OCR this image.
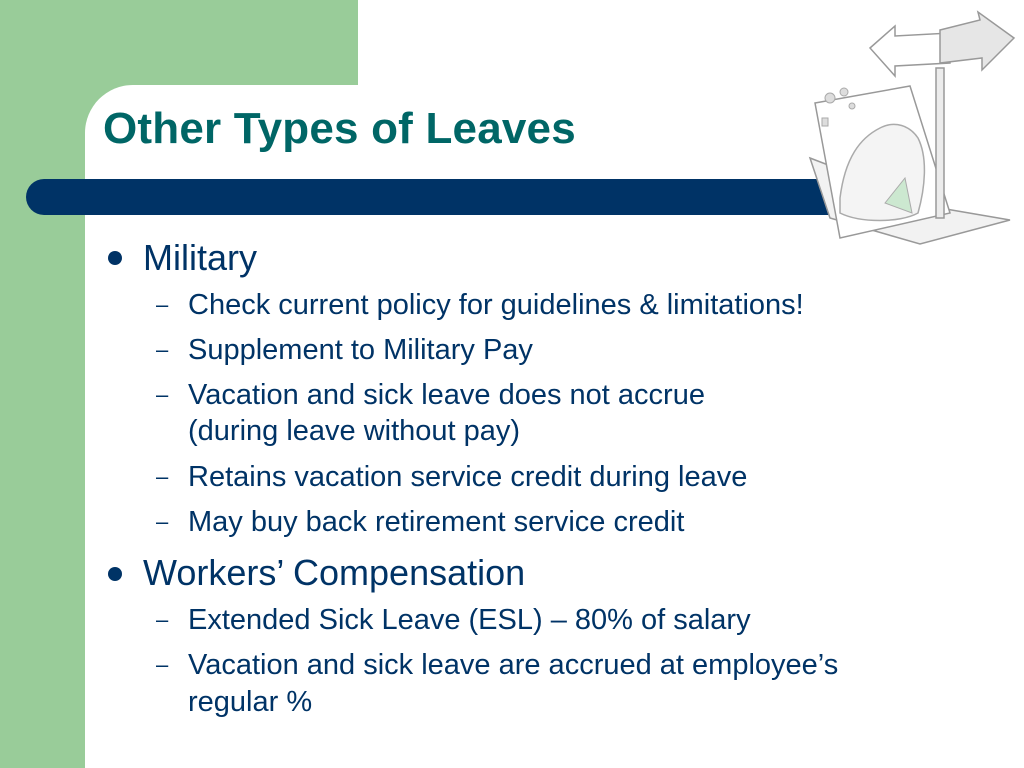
Other Types of Leaves
Military
– Check current policy for guidelines & limitations!
– Supplement to Military Pay
– Vacation and sick leave does not accrue
(during leave without pay)
– Retains vacation service credit during leave
– May buy back retirement service credit
Workers’ Compensation
– Extended Sick Leave (ESL) – 80% of salary
– Vacation and sick leave are accrued at employee’s
regular %
